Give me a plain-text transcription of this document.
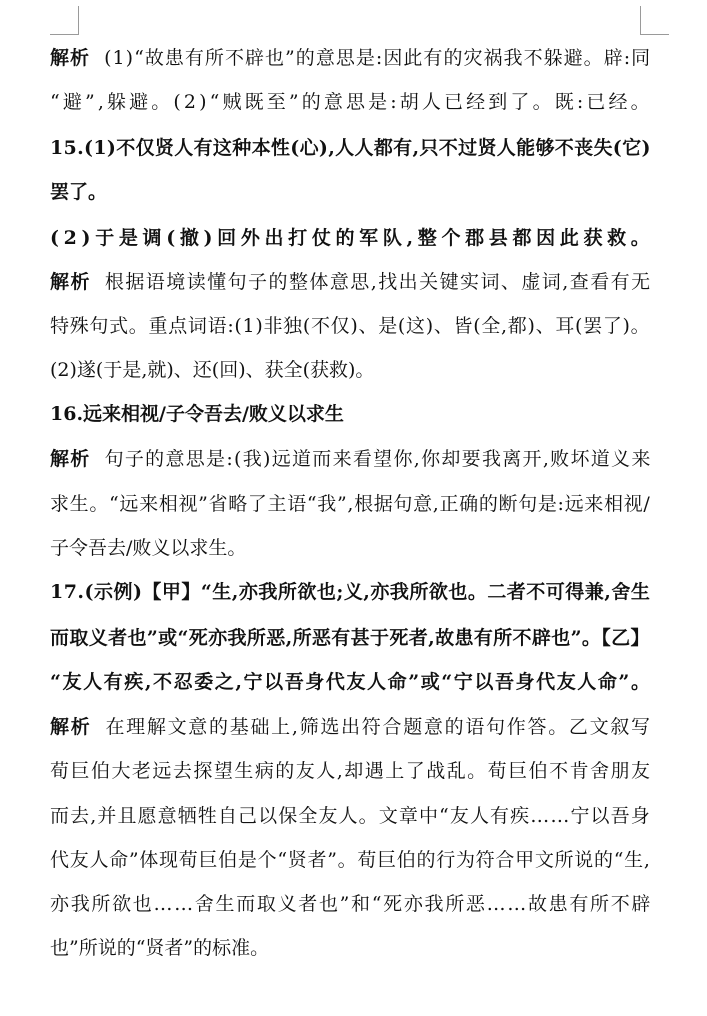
解析 (1)“故患有所不辟也”的意思是:因此有的灾祸我不躲避。辟:同
“避”,躲避。(2)“贼既至”的意思是:胡人已经到了。既:已经。
15.(1)不仅贤人有这种本性(心),人人都有,只不过贤人能够不丧失(它)
罢了。
(2)于是调(撤)回外出打仗的军队,整个郡县都因此获救。
解析 根据语境读懂句子的整体意思,找出关键实词、虚词,查看有无
特殊句式。重点词语:(1)非独(不仅)、是(这)、皆(全,都)、耳(罢了)。
(2)遂(于是,就)、还(回)、获全(获救)。
16.远来相视/子令吾去/败义以求生
解析 句子的意思是:(我)远道而来看望你,你却要我离开,败坏道义来
求生。“远来相视”省略了主语“我”,根据句意,正确的断句是:远来相视/
子令吾去/败义以求生。
17.(示例)【甲】“生,亦我所欲也;义,亦我所欲也。二者不可得兼,舍生
而取义者也”或“死亦我所恶,所恶有甚于死者,故患有所不辟也”。【乙】
“友人有疾,不忍委之,宁以吾身代友人命”或“宁以吾身代友人命”。
解析 在理解文意的基础上,筛选出符合题意的语句作答。乙文叙写
荀巨伯大老远去探望生病的友人,却遇上了战乱。荀巨伯不肯舍朋友
而去,并且愿意牺牲自己以保全友人。文章中“友人有疾……宁以吾身
代友人命”体现荀巨伯是个“贤者”。荀巨伯的行为符合甲文所说的“生,
亦我所欲也……舍生而取义者也”和“死亦我所恶……故患有所不辟
也”所说的“贤者”的标准。
